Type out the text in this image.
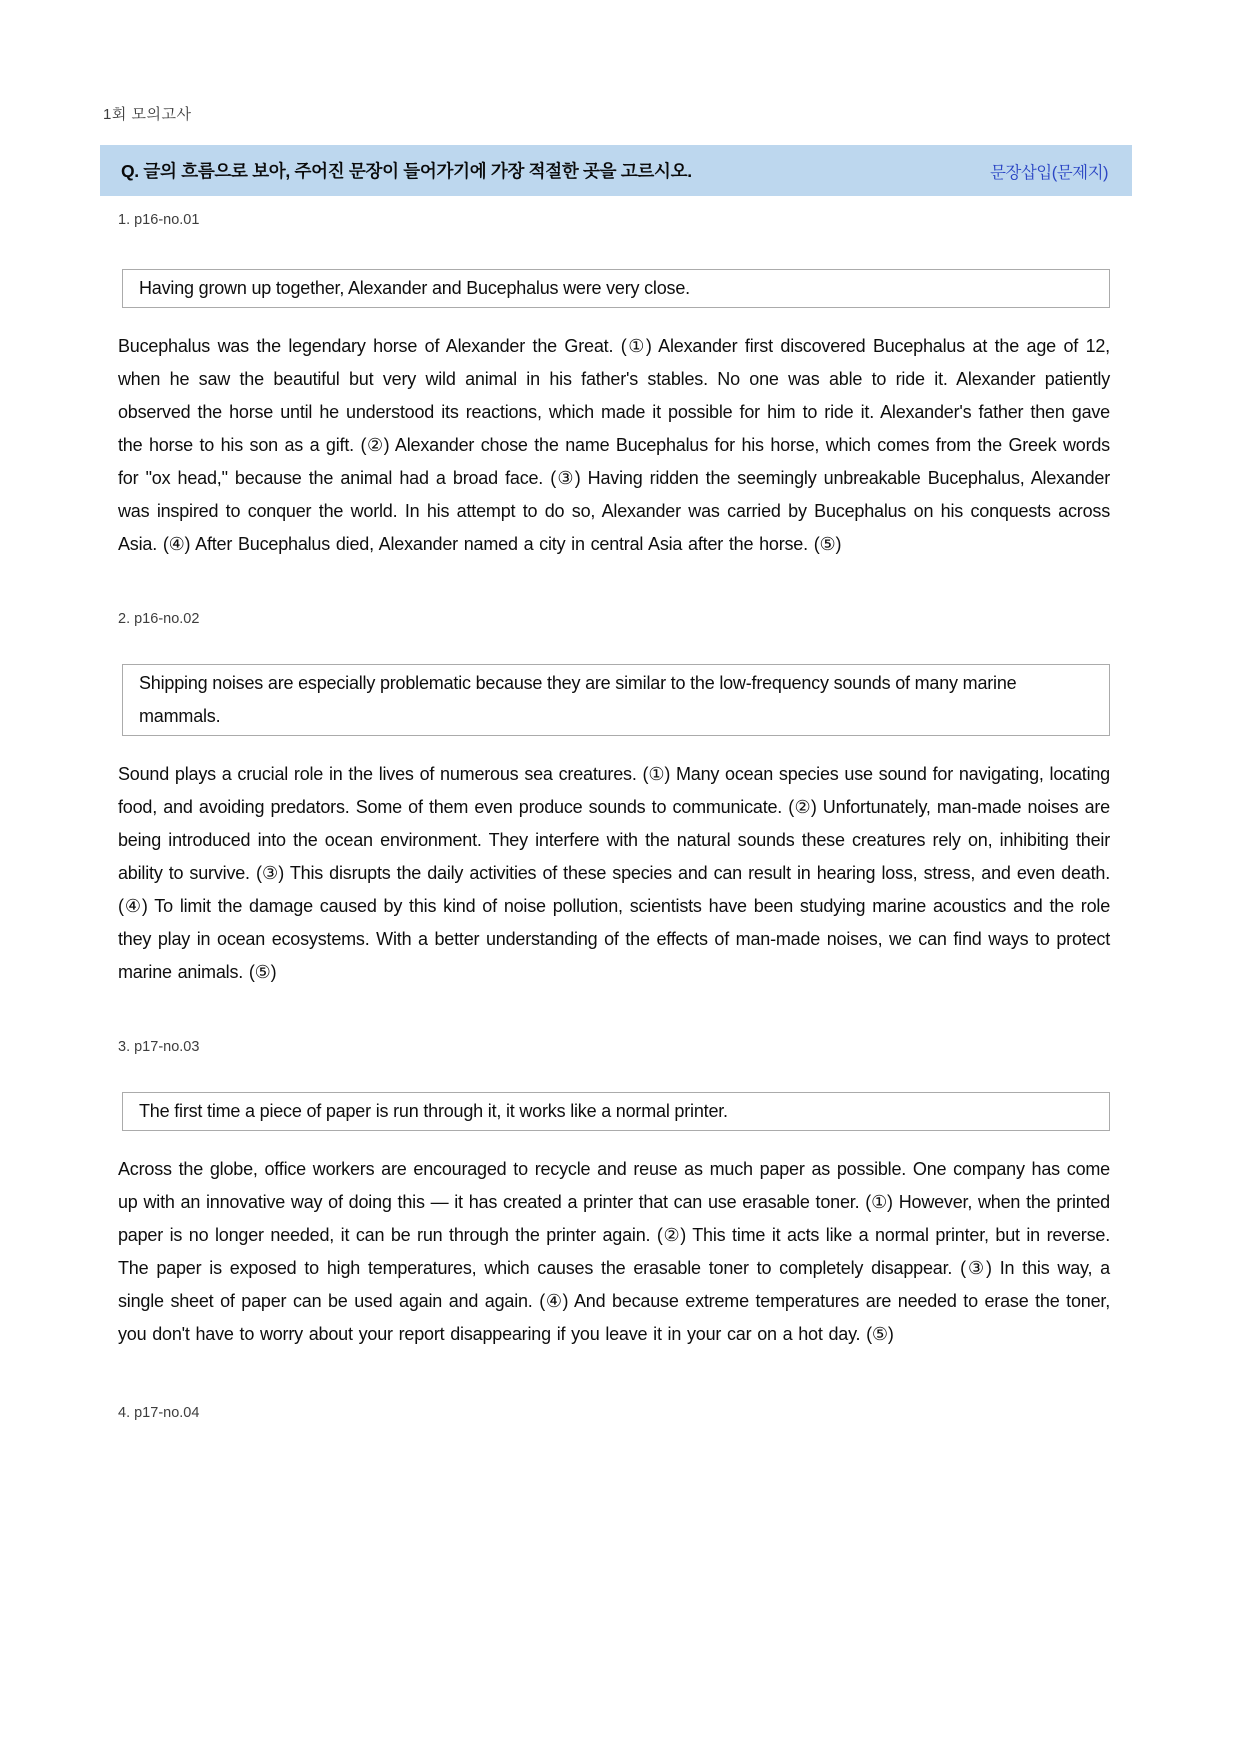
1회 모의고사
Q. 글의 흐름으로 보아, 주어진 문장이 들어가기에 가장 적절한 곳을 고르시오.	문장삽입(문제지)
1. p16-no.01
Having grown up together, Alexander and Bucephalus were very close.

Bucephalus was the legendary horse of Alexander the Great. (①) Alexander first discovered Bucephalus at the age of 12, when he saw the beautiful but very wild animal in his father's stables. No one was able to ride it. Alexander patiently observed the horse until he understood its reactions, which made it possible for him to ride it. Alexander's father then gave the horse to his son as a gift. (②) Alexander chose the name Bucephalus for his horse, which comes from the Greek words for "ox head," because the animal had a broad face. (③) Having ridden the seemingly unbreakable Bucephalus, Alexander was inspired to conquer the world. In his attempt to do so, Alexander was carried by Bucephalus on his conquests across Asia. (④) After Bucephalus died, Alexander named a city in central Asia after the horse. (⑤)

2. p16-no.02
Shipping noises are especially problematic because they are similar to the low-frequency sounds of many marine mammals.

Sound plays a crucial role in the lives of numerous sea creatures. (①) Many ocean species use sound for navigating, locating food, and avoiding predators. Some of them even produce sounds to communicate. (②) Unfortunately, man-made noises are being introduced into the ocean environment. They interfere with the natural sounds these creatures rely on, inhibiting their ability to survive. (③) This disrupts the daily activities of these species and can result in hearing loss, stress, and even death. (④) To limit the damage caused by this kind of noise pollution, scientists have been studying marine acoustics and the role they play in ocean ecosystems. With a better understanding of the effects of man-made noises, we can find ways to protect marine animals. (⑤)

3. p17-no.03
The first time a piece of paper is run through it, it works like a normal printer.

Across the globe, office workers are encouraged to recycle and reuse as much paper as possible. One company has come up with an innovative way of doing this — it has created a printer that can use erasable toner. (①) However, when the printed paper is no longer needed, it can be run through the printer again. (②) This time it acts like a normal printer, but in reverse. The paper is exposed to high temperatures, which causes the erasable toner to completely disappear. (③) In this way, a single sheet of paper can be used again and again. (④) And because extreme temperatures are needed to erase the toner, you don't have to worry about your report disappearing if you leave it in your car on a hot day. (⑤)

4. p17-no.04
